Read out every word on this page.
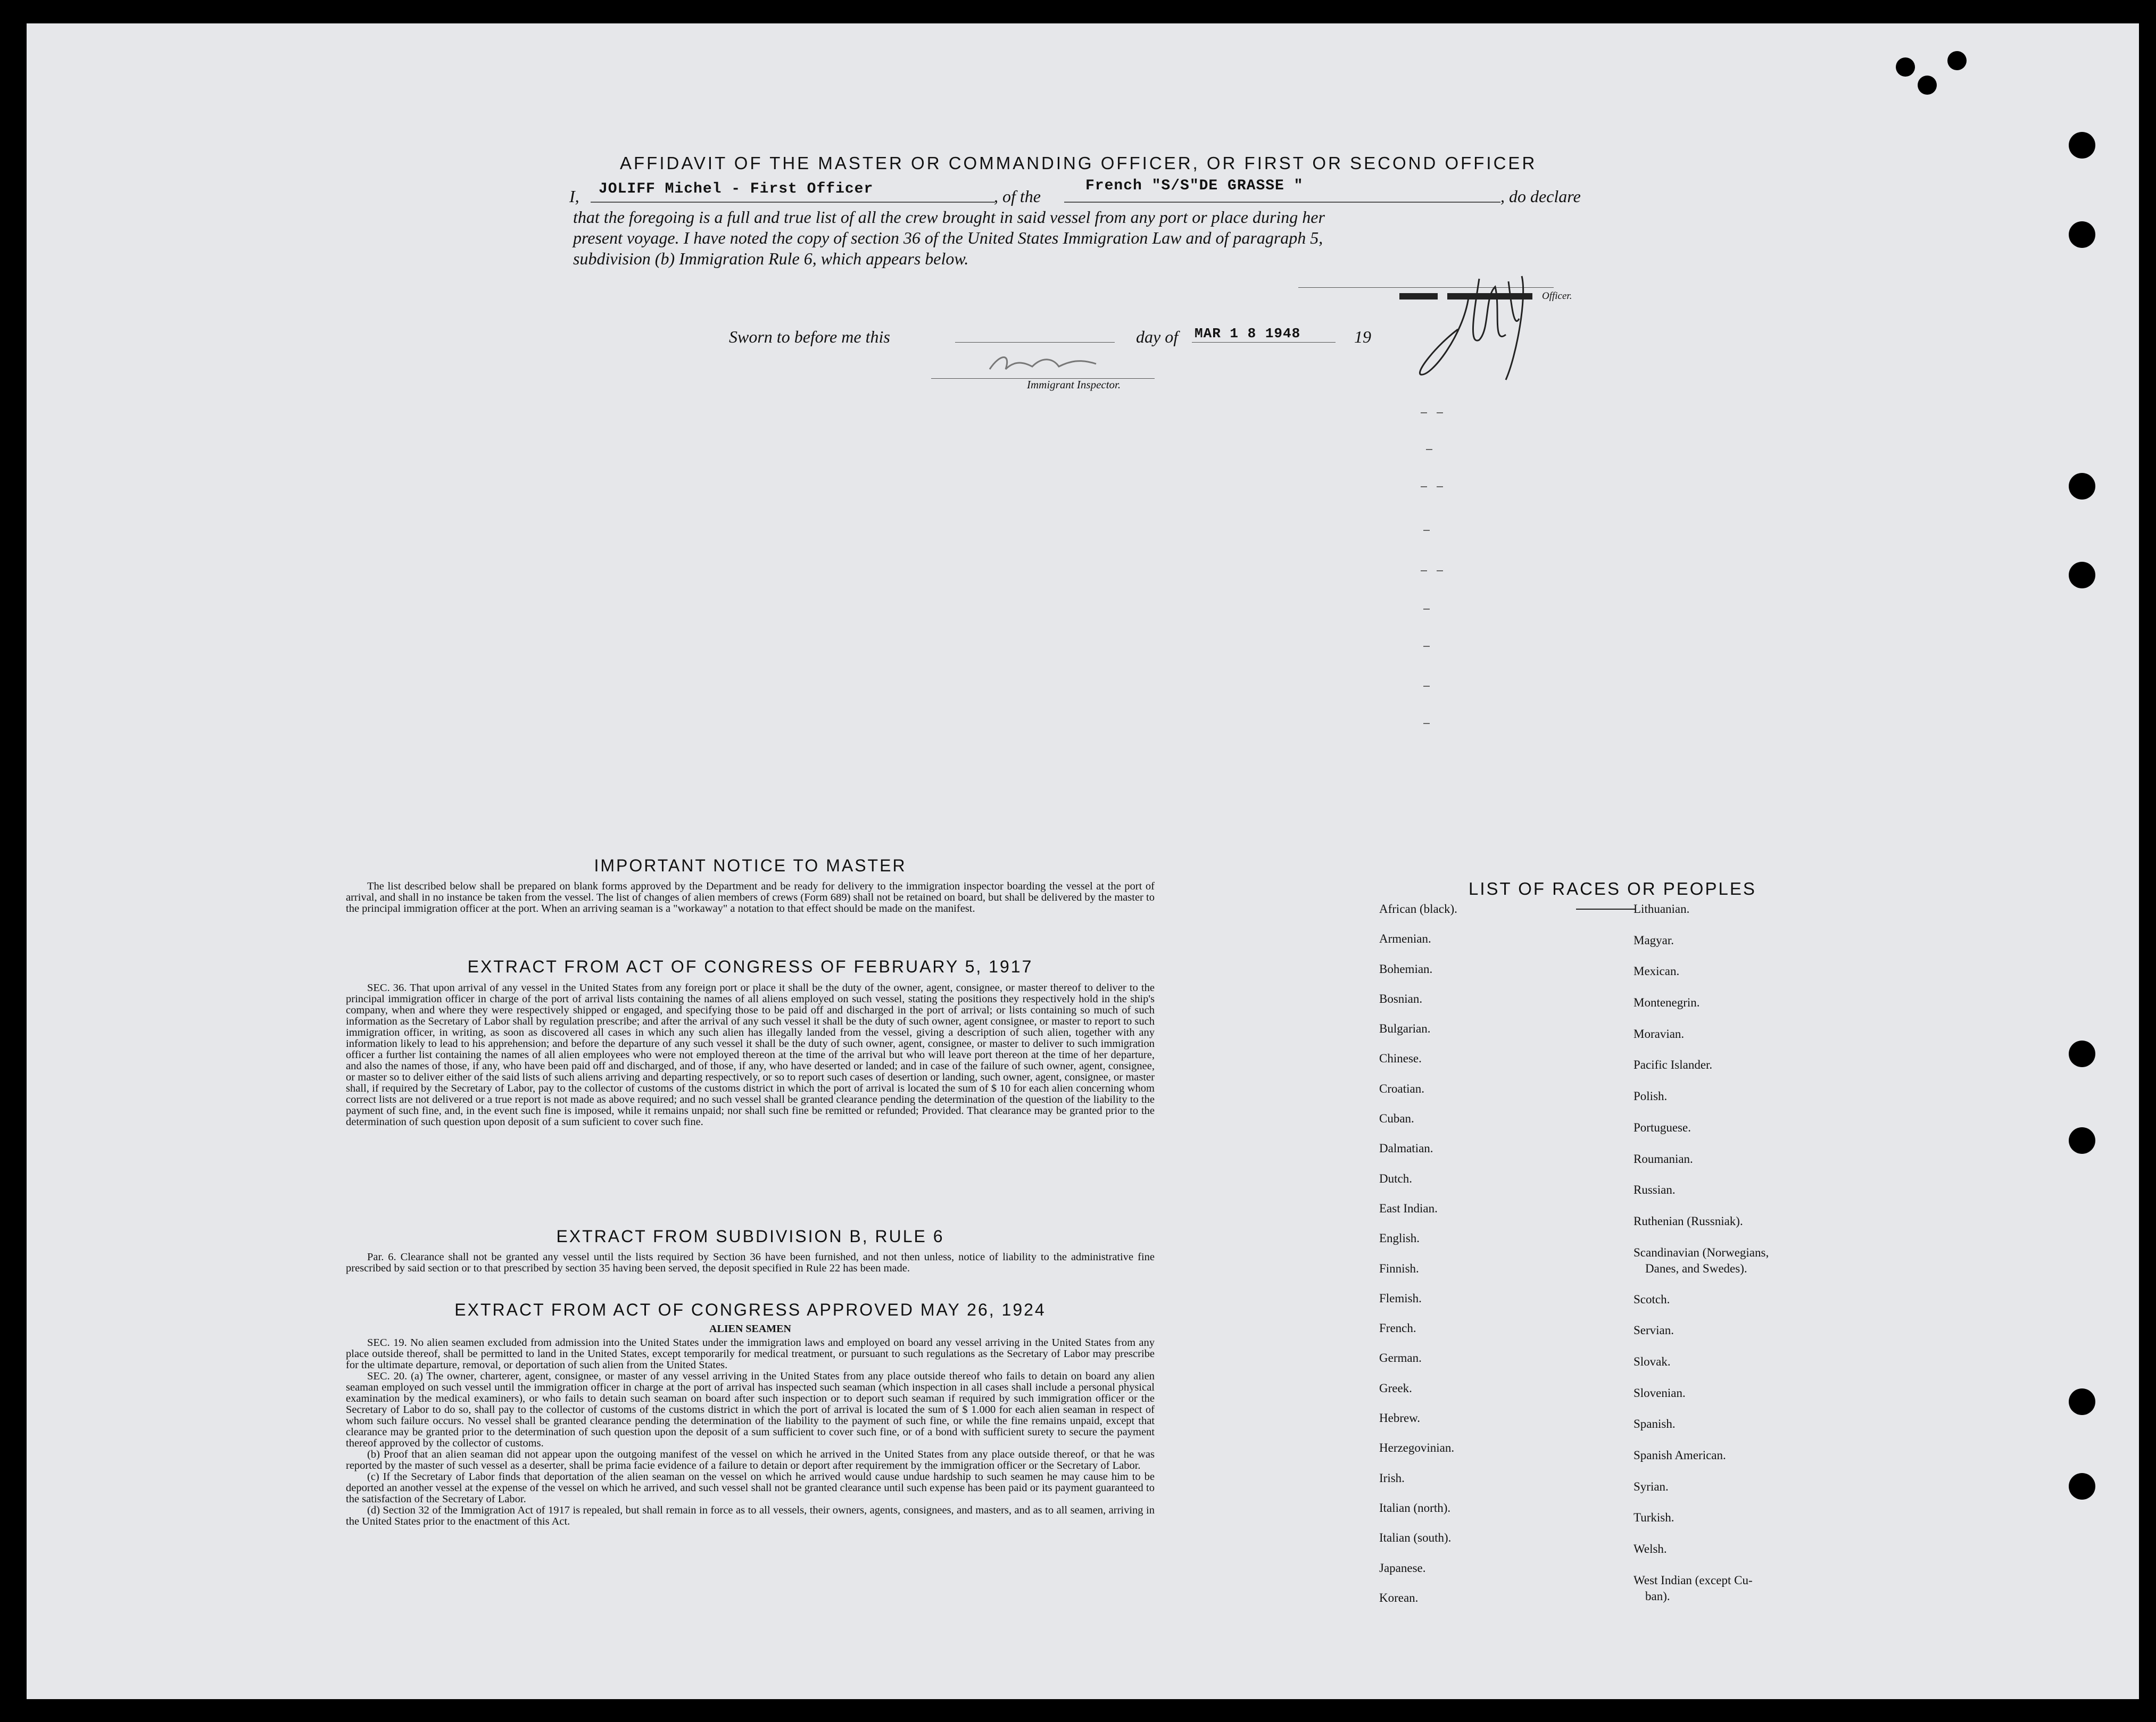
AFFIDAVIT OF THE MASTER OR COMMANDING OFFICER, OR FIRST OR SECOND OFFICER
I, JOLIFF Michel - First Officer	, of the
French "S/S"DE GRASSE "
, do declare
that the foregoing is a full and true list of all the crew brought in said vessel from any port or place during her
present voyage. I have noted the copy of section 36 of the United States Immigration Law and of paragraph 5,
subdivision (b) Immigration Rule 6, which appears below.
Officer.
Sworn to before me this	day of MAR 1 8 1948	19
Immigrant Inspector.
IMPORTANT NOTICE TO MASTER

The list described below shall be prepared on blank forms approved by the Department and be ready for delivery to the immigration inspector boarding the vessel at the port of arrival, and shall in no instance be taken from the vessel. The list of changes of alien members of crews (Form 689) shall not be retained on board, but shall be delivered by the master to the principal immigration officer at the port. When an arriving seaman is a "workaway" a notation to that effect should be made on the manifest.

EXTRACT FROM ACT OF CONGRESS OF FEBRUARY 5, 1917

SEC. 36. That upon arrival of any vessel in the United States from any foreign port or place it shall be the duty of the owner, agent, consignee, or master thereof to deliver to the principal immigration officer in charge of the port of arrival lists containing the names of all aliens employed on such vessel, stating the positions they respectively hold in the ship's company, when and where they were respectively shipped or engaged, and specifying those to be paid off and discharged in the port of arrival; or lists containing so much of such information as the Secretary of Labor shall by regulation prescribe; and after the arrival of any such vessel it shall be the duty of such owner, agent consignee, or master to report to such immigration officer, in writing, as soon as discovered all cases in which any such alien has illegally landed from the vessel, giving a description of such alien, together with any information likely to lead to his apprehension; and before the departure of any such vessel it shall be the duty of such owner, agent, consignee, or master to deliver to such immigration officer a further list containing the names of all alien employees who were not employed thereon at the time of the arrival but who will leave port thereon at the time of her departure, and also the names of those, if any, who have been paid off and discharged, and of those, if any, who have deserted or landed; and in case of the failure of such owner, agent, consignee, or master so to deliver either of the said lists of such aliens arriving and departing respectively, or so to report such cases of desertion or landing, such owner, agent, consignee, or master shall, if required by the Secretary of Labor, pay to the collector of customs of the customs district in which the port of arrival is located the sum of $ 10 for each alien concerning whom correct lists are not delivered or a true report is not made as above required; and no such vessel shall be granted clearance pending the determination of the question of the liability to the payment of such fine, and, in the event such fine is imposed, while it remains unpaid; nor shall such fine be remitted or refunded; Provided. That clearance may be granted prior to the determination of such question upon deposit of a sum suficient to cover such fine.

EXTRACT FROM SUBDIVISION B, RULE 6

Par. 6. Clearance shall not be granted any vessel until the lists required by Section 36 have been furnished, and not then unless, notice of liability to the administrative fine prescribed by said section or to that prescribed by section 35 having been served, the deposit specified in Rule 22 has been made.

EXTRACT FROM ACT OF CONGRESS APPROVED MAY 26, 1924
ALIEN SEAMEN

SEC. 19. No alien seamen excluded from admission into the United States under the immigration laws and employed on board any vessel arriving in the United States from any place outside thereof, shall be permitted to land in the United States, except temporarily for medical treatment, or pursuant to such regulations as the Secretary of Labor may prescribe for the ultimate departure, removal, or deportation of such alien from the United States.

SEC. 20. (a) The owner, charterer, agent, consignee, or master of any vessel arriving in the United States from any place outside thereof who fails to detain on board any alien seaman employed on such vessel until the immigration officer in charge at the port of arrival has inspected such seaman (which inspection in all cases shall include a personal physical examination by the medical examiners), or who fails to detain such seaman on board after such inspection or to deport such seaman if required by such immigration officer or the Secretary of Labor to do so, shall pay to the collector of customs of the customs district in which the port of arrival is located the sum of $ 1.000 for each alien seaman in respect of whom such failure occurs. No vessel shall be granted clearance pending the determination of the liability to the payment of such fine, or while the fine remains unpaid, except that clearance may be granted prior to the determination of such question upon the deposit of a sum sufficient to cover such fine, or of a bond with sufficient surety to secure the payment thereof approved by the collector of customs.

(b) Proof that an alien seaman did not appear upon the outgoing manifest of the vessel on which he arrived in the United States from any place outside thereof, or that he was reported by the master of such vessel as a deserter, shall be prima facie evidence of a failure to detain or deport after requirement by the immigration officer or the Secretary of Labor.

(c) If the Secretary of Labor finds that deportation of the alien seaman on the vessel on which he arrived would cause undue hardship to such seamen he may cause him to be deported an another vessel at the expense of the vessel on which he arrived, and such vessel shall not be granted clearance until such expense has been paid or its payment guaranteed to the satisfaction of the Secretary of Labor.

(d) Section 32 of the Immigration Act of 1917 is repealed, but shall remain in force as to all vessels, their owners, agents, consignees, and masters, and as to all seamen, arriving in the United States prior to the enactment of this Act.

LIST OF RACES OR PEOPLES
African (black).
Armenian.
Bohemian.
Bosnian.
Bulgarian.
Chinese.
Croatian.
Cuban.
Dalmatian.
Dutch.
East Indian.
English.
Finnish.
Flemish.
French.
German.
Greek.
Hebrew.
Herzegovinian.
Irish.
Italian (north).
Italian (south).
Japanese.
Korean.
Lithuanian.
Magyar.
Mexican.
Montenegrin.
Moravian.
Pacific Islander.
Polish.
Portuguese.
Roumanian.
Russian.
Ruthenian (Russniak).
Scandinavian (Norwegians,
Danes, and Swedes).
Scotch.
Servian.
Slovak.
Slovenian.
Spanish.
Spanish American.
Syrian.
Turkish.
Welsh.
West Indian (except Cu-
ban).
